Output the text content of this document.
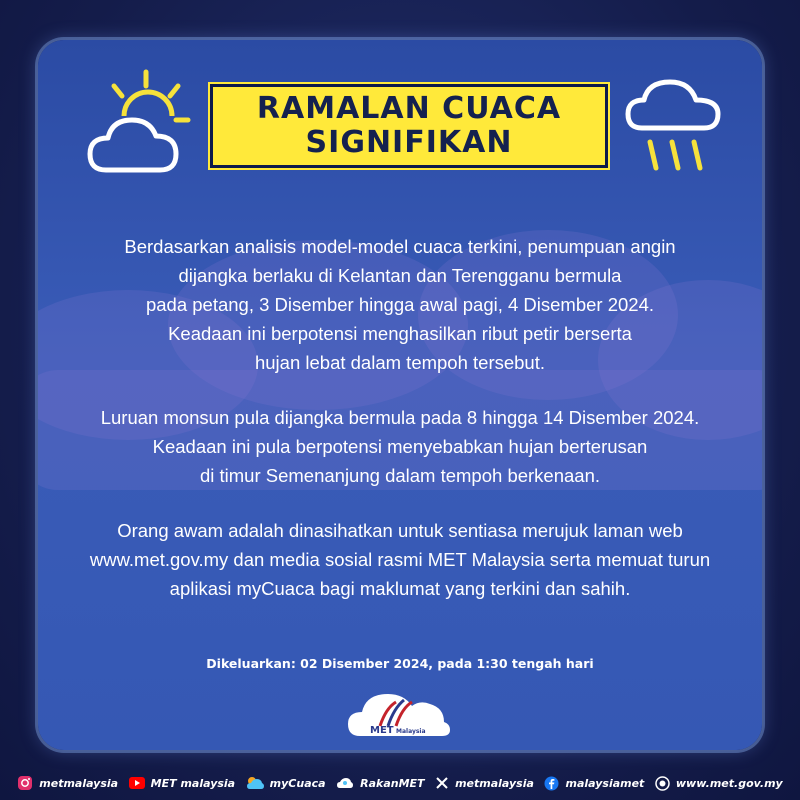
RAMALAN CUACA
SIGNIFIKAN
Berdasarkan analisis model-model cuaca terkini, penumpuan angin
dijangka berlaku di Kelantan dan Terengganu bermula
pada petang, 3 Disember hingga awal pagi, 4 Disember 2024.
Keadaan ini berpotensi menghasilkan ribut petir berserta
hujan lebat dalam tempoh tersebut.
Luruan monsun pula dijangka bermula pada 8 hingga 14 Disember 2024.
Keadaan ini pula berpotensi menyebabkan hujan berterusan
di timur Semenanjung dalam tempoh berkenaan.
Orang awam adalah dinasihatkan untuk sentiasa merujuk laman web
www.met.gov.my dan media sosial rasmi MET Malaysia serta memuat turun
aplikasi myCuaca bagi maklumat yang terkini dan sahih.
Dikeluarkan: 02 Disember 2024, pada 1:30 tengah hari
MET Malaysia
metmalaysia	MET malaysia	myCuaca	RakanMET	metmalaysia	malaysiamet	www.met.gov.my
